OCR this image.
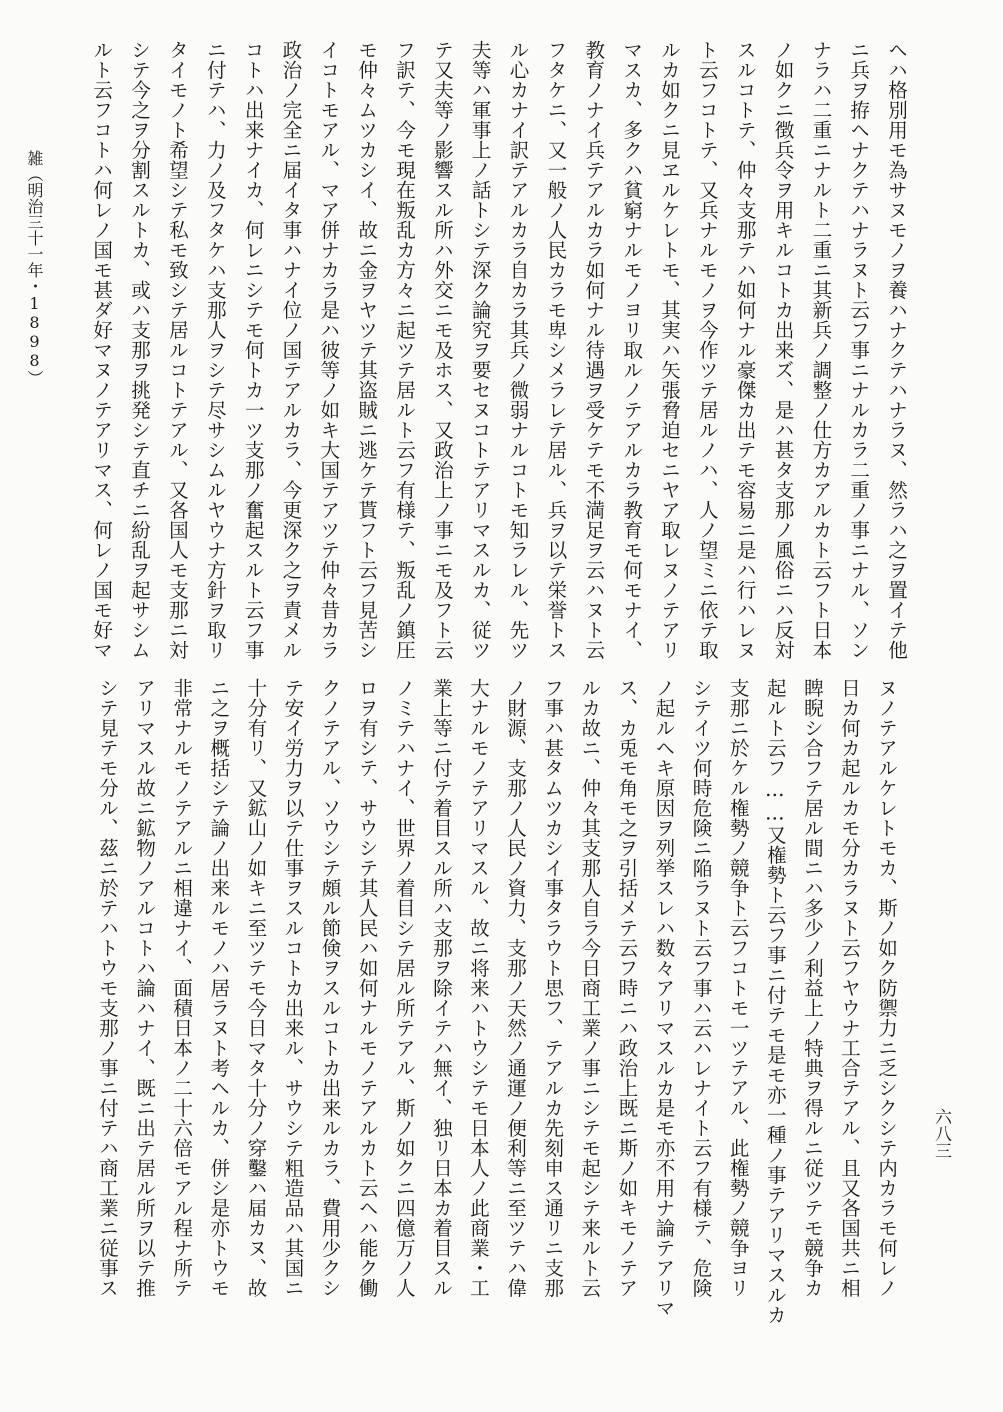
雑（明治三十一年・1898）
六八三
ヘハ格別用モ為サヌモノヲ養ハナクテハナラヌ、然ラハ之ヲ置イテ他
ニ兵ヲ拵ヘナクテハナラヌト云フ事ニナルカラ二重ノ事ニナル、ソン
ナラハ二重ニナルト二重ニ其新兵ノ調整ノ仕方カアルカト云フト日本
ノ如クニ徴兵令ヲ用キルコトカ出来ズ、是ハ甚タ支那ノ風俗ニハ反対
スルコトテ、仲々支那テハ如何ナル豪傑カ出テモ容易ニ是ハ行ハレヌ
ト云フコトテ、又兵ナルモノヲ今作ツテ居ルノハ、人ノ望ミニ依テ取
ルカ如クニ見ヱルケレトモ、其実ハ矢張脅迫セニヤア取レヌノテアリ
マスカ、多クハ貧窮ナルモノヨリ取ルノテアルカラ教育モ何モナイ、
教育ノナイ兵テアルカラ如何ナル待遇ヲ受ケテモ不満足ヲ云ハヌト云
フタケニ、又一般ノ人民カラモ卑シメラレテ居ル、兵ヲ以テ栄誉トス
ル心カナイ訳テアルカラ自カラ其兵ノ微弱ナルコトモ知ラレル、先ツ
夫等ハ軍事上ノ話トシテ深ク論究ヲ要セヌコトテアリマスルカ、従ツ
テ又夫等ノ影響スル所ハ外交ニモ及ホス、又政治上ノ事ニモ及フト云
フ訳テ、今モ現在叛乱カ方々ニ起ツテ居ルト云フ有様テ、叛乱ノ鎮圧
モ仲々ムツカシイ、故ニ金ヲヤツテ其盗賊ニ逃ケテ貰フト云フ見苦シ
イコトモアル、マア併ナカラ是ハ彼等ノ如キ大国テアツテ仲々昔カラ
政治ノ完全ニ届イタ事ハナイ位ノ国テアルカラ、今更深ク之ヲ責メル
コトハ出来ナイカ、何レニシテモ何トカ一ツ支那ノ奮起スルト云フ事
ニ付テハ、力ノ及フタケハ支那人ヲシテ尽サシムルヤウナ方針ヲ取リ
タイモノト希望シテ私モ致シテ居ルコトテアル、又各国人モ支那ニ対
シテ今之ヲ分割スルトカ、或ハ支那ヲ挑発シテ直チニ紛乱ヲ起サシム
ルト云フコトハ何レノ国モ甚ダ好マヌノテアリマス、何レノ国モ好マ
ヌノテアルケレトモカ、斯ノ如ク防禦力ニ乏シクシテ内カラモ何レノ
日カ何カ起ルカモ分カラヌト云フヤウナ工合テアル、且又各国共ニ相
睥睨シ合フテ居ル間ニハ多少ノ利益上ノ特典ヲ得ルニ従ツテモ競争カ
起ルト云フ……又権勢ト云フ事ニ付テモ是モ亦一種ノ事テアリマスルカ
支那ニ於ケル権勢ノ競争ト云フコトモ一ツテアル、此権勢ノ競争ヨリ
シテイツ何時危険ニ陥ラヌト云フ事ハ云ハレナイト云フ有様テ、危険
ノ起ルヘキ原因ヲ列挙スレハ数々アリマスルカ是モ亦不用ナ論テアリマ
ス、カ兎モ角モ之ヲ引括メテ云フ時ニハ政治上既ニ斯ノ如キモノテア
ルカ故ニ、仲々其支那人自ラ今日商工業ノ事ニシテモ起シテ来ルト云
フ事ハ甚タムツカシイ事タラウト思フ、テアルカ先刻申ス通リニ支那
ノ財源、支那ノ人民ノ資力、支那ノ天然ノ通運ノ便利等ニ至ツテハ偉
大ナルモノテアリマスル、故ニ将来ハトウシテモ日本人ノ此商業・工
業上等ニ付テ着目スル所ハ支那ヲ除イテハ無イ、独リ日本カ着目スル
ノミテハナイ、世界ノ着目シテ居ル所テアル、斯ノ如クニ四億万ノ人
ロヲ有シテ、サウシテ其人民ハ如何ナルモノテアルカト云ヘハ能ク働
クノテアル、ソウシテ頗ル節倹ヲスルコトカ出来ルカラ、費用少クシ
テ安イ労力ヲ以テ仕事ヲスルコトカ出来ル、サウシテ粗造品ハ其国ニ
十分有リ、又鉱山ノ如キニ至ツテモ今日マタ十分ノ穿鑿ハ届カヌ、故
ニ之ヲ概括シテ論ノ出来ルモノハ居ラヌト考ヘルカ、併シ是亦トウモ
非常ナルモノテアルニ相違ナイ、面積日本ノ二十六倍モアル程ナ所テ
アリマスル故ニ鉱物ノアルコトハ論ハナイ、既ニ出テ居ル所ヲ以テ推
シテ見テモ分ル、茲ニ於テハトウモ支那ノ事ニ付テハ商工業ニ従事ス
